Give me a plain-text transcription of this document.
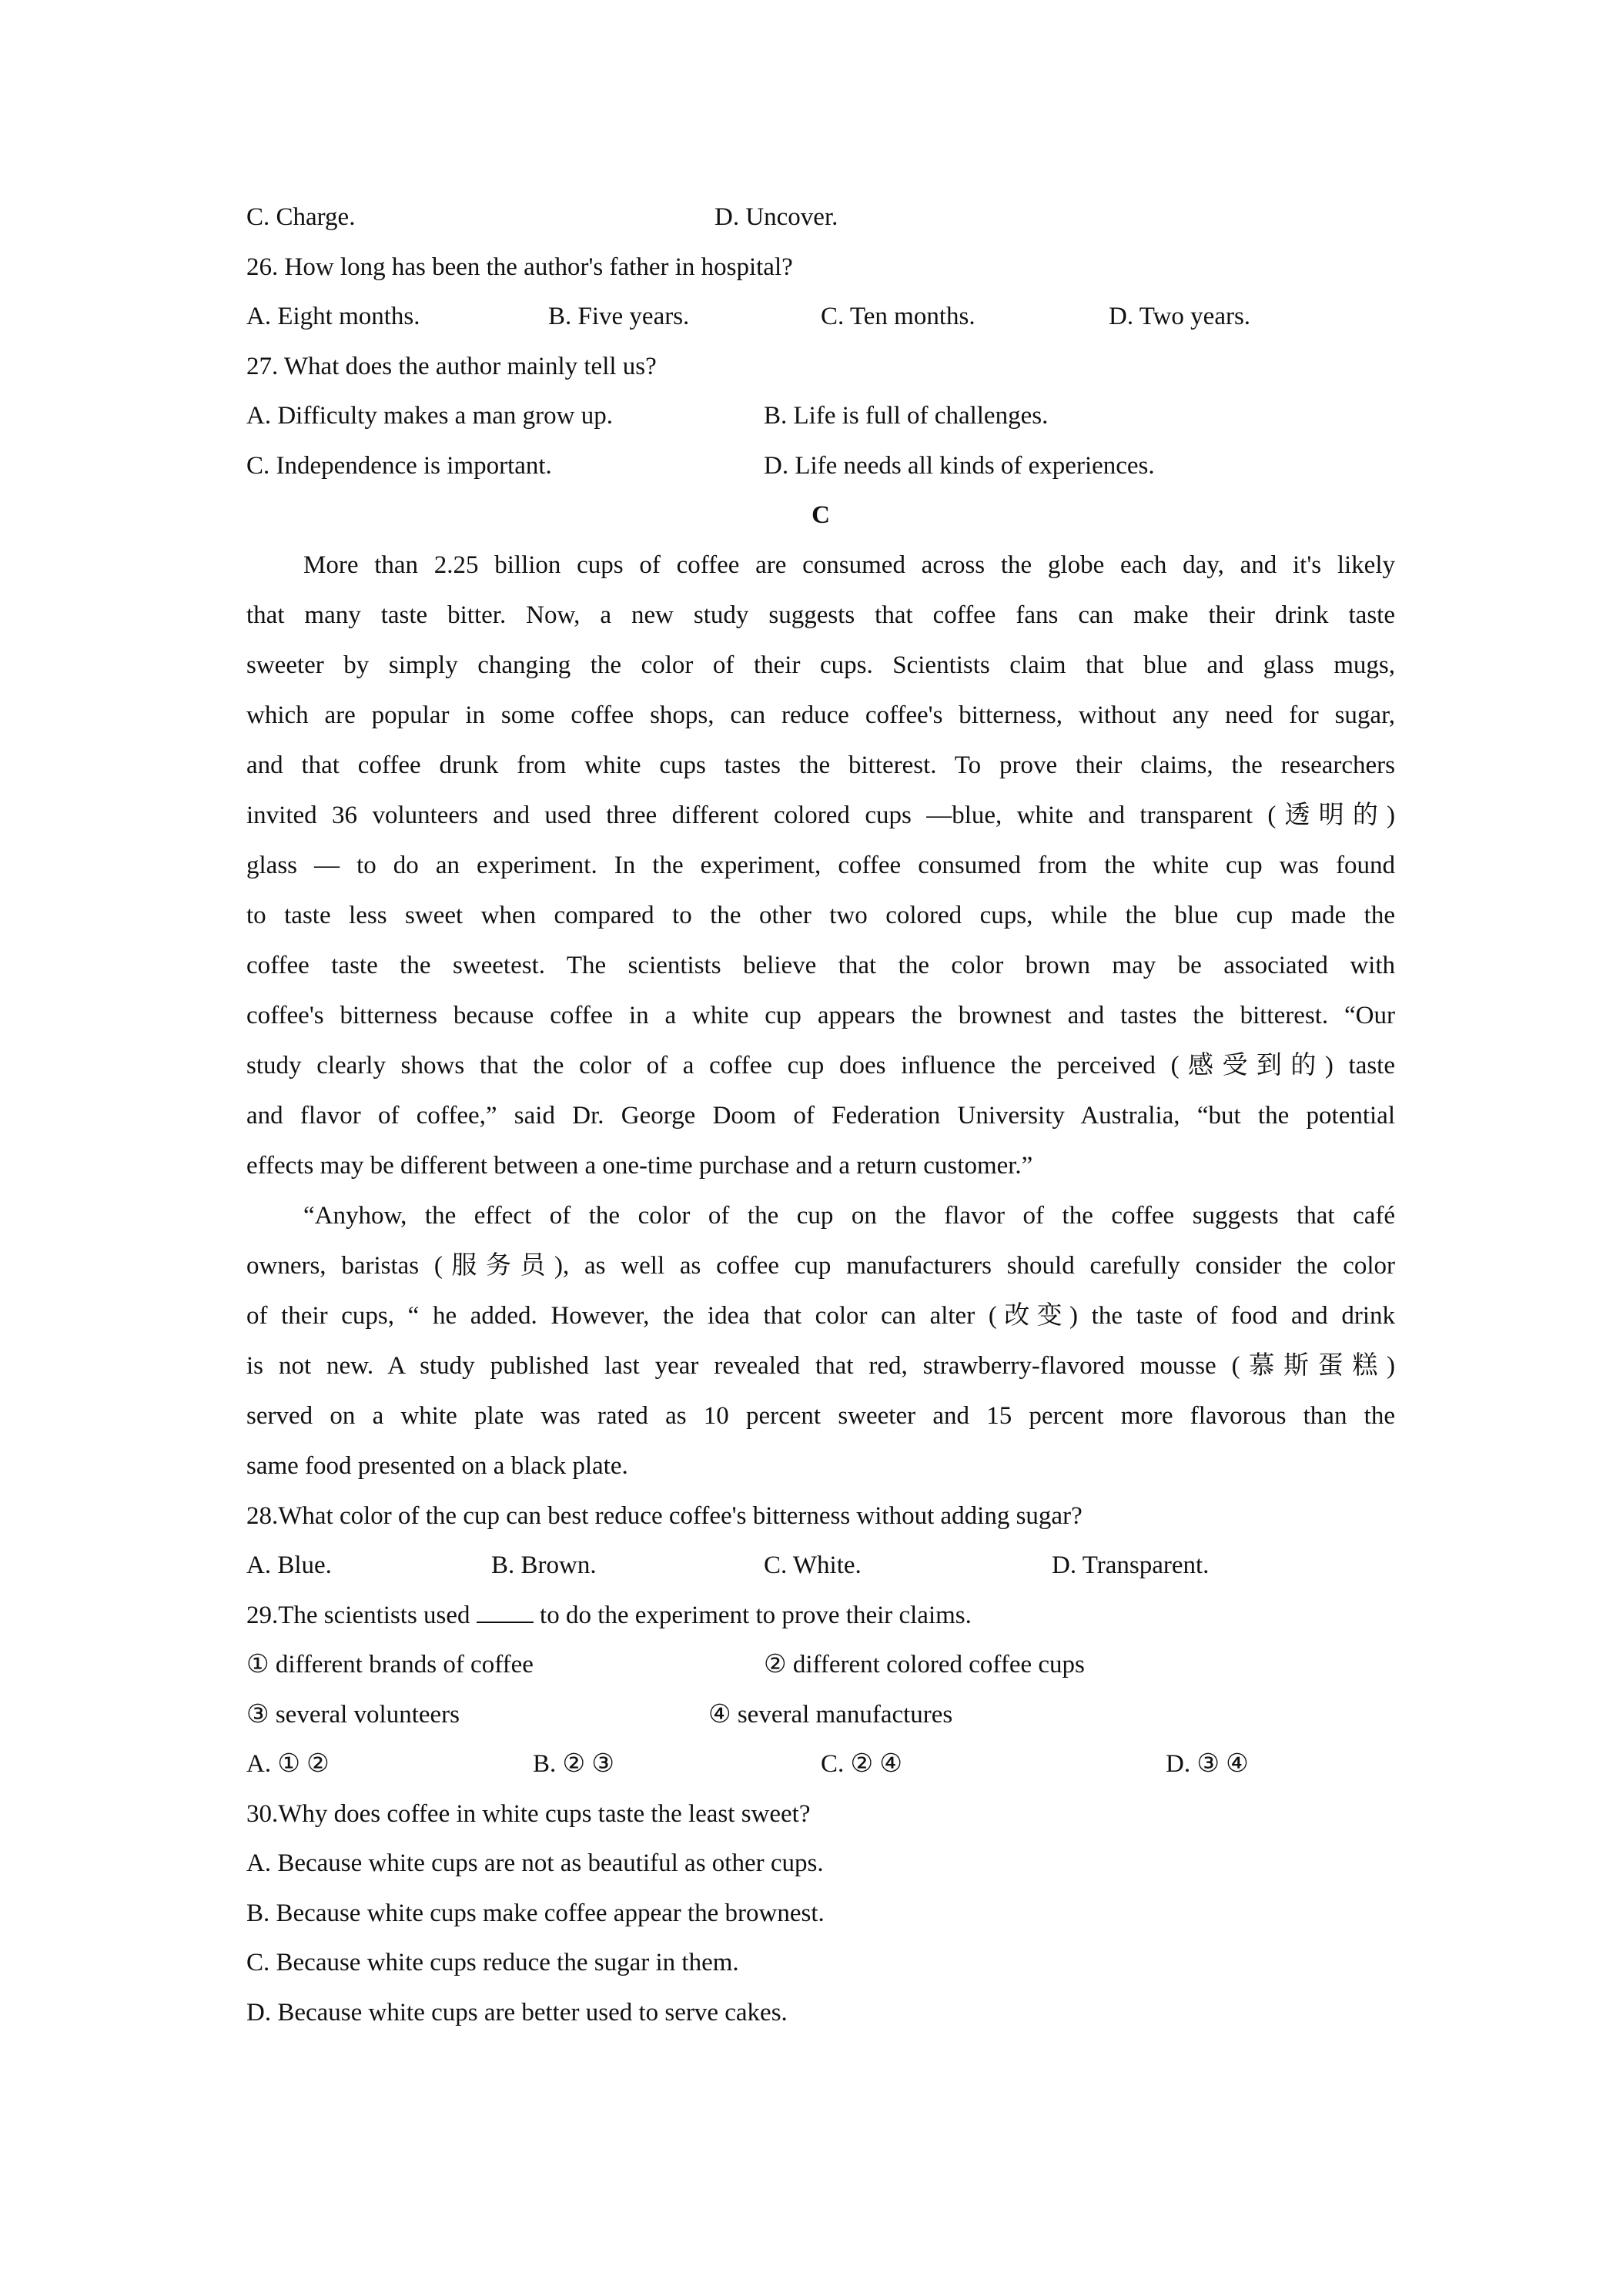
C. Charge.	D. Uncover.
26. How long has been the author's father in hospital?
A. Eight months.	B. Five years.	C. Ten months.	D. Two years.
27. What does the author mainly tell us?
A. Difficulty makes a man grow up.	B. Life is full of challenges.
C. Independence is important.	D. Life needs all kinds of experiences.
C
More than 2.25 billion cups of coffee are consumed across the globe each day, and it's likely
that many taste bitter. Now, a new study suggests that coffee fans can make their drink taste
sweeter by simply changing the color of their cups. Scientists claim that blue and glass mugs,
which are popular in some coffee shops, can reduce coffee's bitterness, without any need for sugar,
and that coffee drunk from white cups tastes the bitterest. To prove their claims, the researchers
invited 36 volunteers and used three different colored cups —blue, white and transparent (透明的)
glass — to do an experiment. In the experiment, coffee consumed from the white cup was found
to taste less sweet when compared to the other two colored cups, while the blue cup made the
coffee taste the sweetest. The scientists believe that the color brown may be associated with
coffee's bitterness because coffee in a white cup appears the brownest and tastes the bitterest. “Our
study clearly shows that the color of a coffee cup does influence the perceived (感受到的) taste
and flavor of coffee,” said Dr. George Doom of Federation University Australia, “but the potential
effects may be different between a one-time purchase and a return customer.”
“Anyhow, the effect of the color of the cup on the flavor of the coffee suggests that café
owners, baristas (服务员), as well as coffee cup manufacturers should carefully consider the color
of their cups, “ he added. However, the idea that color can alter (改变) the taste of food and drink
is not new. A study published last year revealed that red, strawberry-flavored mousse (慕斯蛋糕)
served on a white plate was rated as 10 percent sweeter and 15 percent more flavorous than the
same food presented on a black plate.
28.What color of the cup can best reduce coffee's bitterness without adding sugar?
A. Blue.	B. Brown.	C. White.	D. Transparent.
29.The scientists used	to do the experiment to prove their claims.
① different brands of coffee	② different colored coffee cups
③ several volunteers	④ several manufactures
A. ① ②	B. ② ③	C. ② ④	D. ③ ④
30.Why does coffee in white cups taste the least sweet?
A. Because white cups are not as beautiful as other cups.
B. Because white cups make coffee appear the brownest.
C. Because white cups reduce the sugar in them.
D. Because white cups are better used to serve cakes.
